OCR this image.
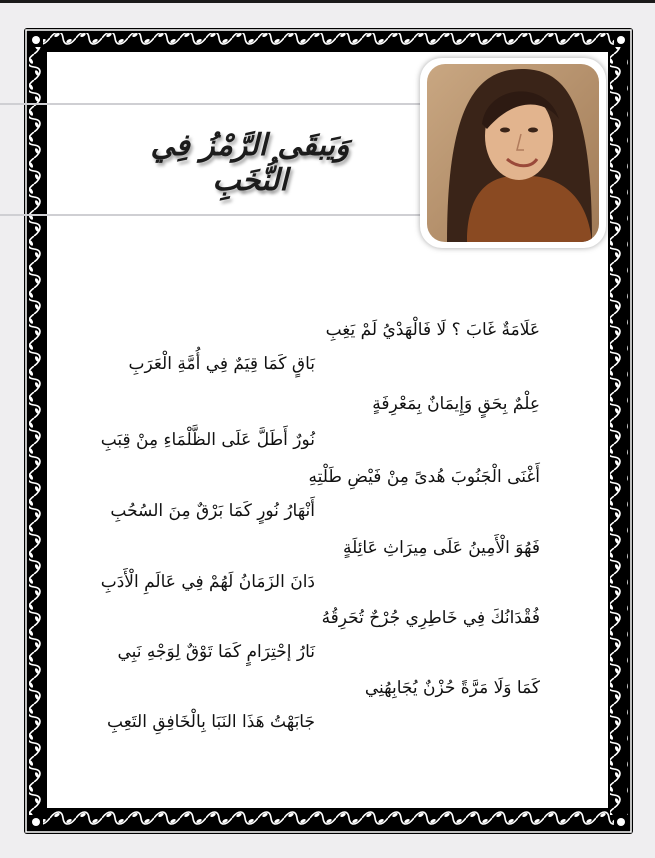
وَيَبقَى الرَّمْزُ فِي النُّخَبِ
عَلَامَةٌ غَابَ ؟ لَا فَالْهَدْيُ لَمْ يَغِبِ
بَاقٍ كَمَا قِيَمٌ فِي أُمَّةِ الْعَرَبِ
عِلْمٌ بِحَقٍ وَإِيمَانٌ بِمَعْرِفَةٍ
نُورٌ أَطَلَّ عَلَى الظَّلْمَاءِ مِنْ قِبَبِ
أَغْنَى الْجَنُوبَ هُدىً مِنْ فَيْضِ طَلْتِهِ
أَنْهَارُ نُورٍ كَمَا بَرْقٌ مِنَ السُحُبِ
فَهُوَ الْأَمِينُ عَلَى مِيرَاثِ عَائِلَةٍ
دَانَ الزَمَانُ لَهُمْ فِي عَالَمِ الْأَدَبِ
فُقْدَانُكَ فِي خَاطِرِي جُرْحٌ تُحَرِقُهُ
نَارُ إحْتِرَامٍ كَمَا تَوْقٌ لِوَجْهِ نَبِي
كَمَا وَلَا مَرَّةً حُزْنٌ يُجَابِهُنِي
جَابَهْتُ هَذَا النَبَا بِالْخَافِقِ التَعِبِ
